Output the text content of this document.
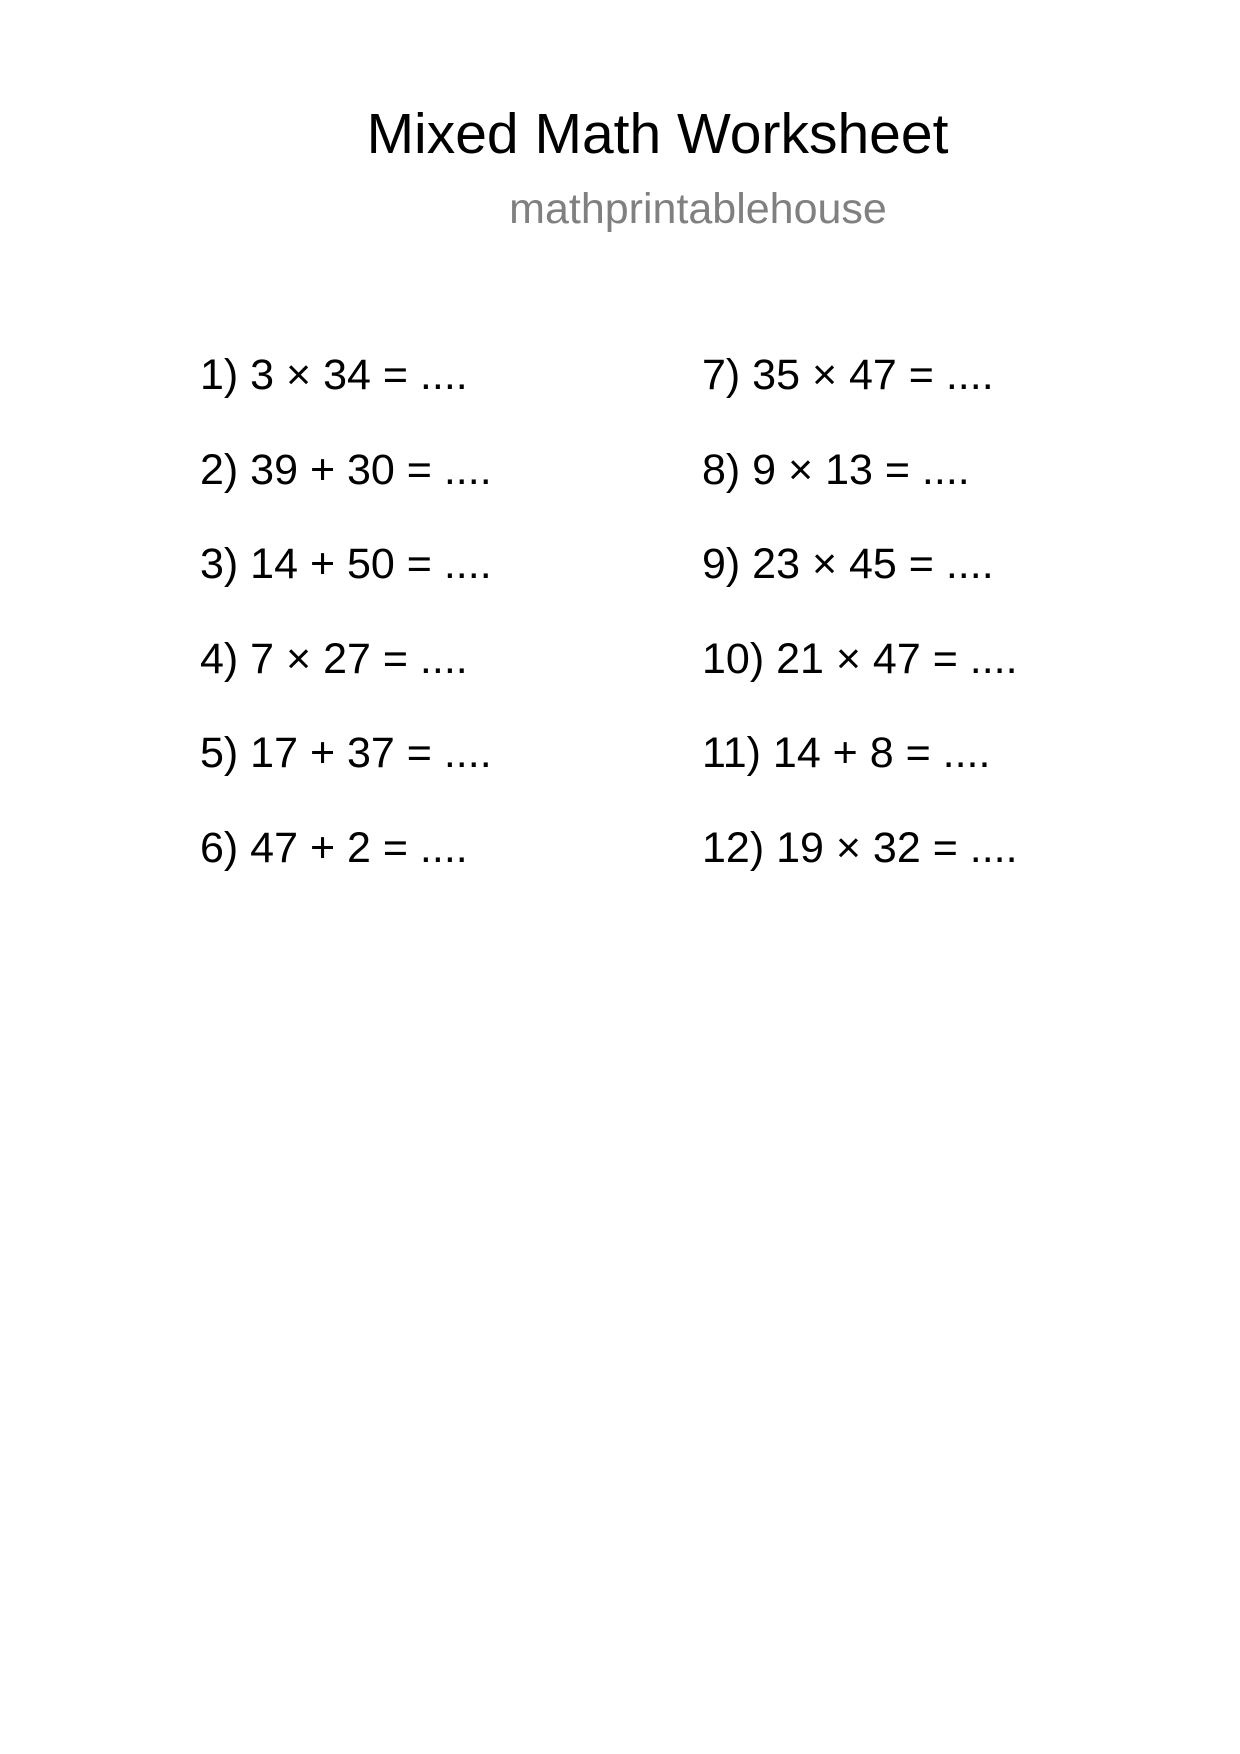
Mixed Math Worksheet
mathprintablehouse
1) 3 × 34 = ....
2) 39 + 30 = ....
3) 14 + 50 = ....
4) 7 × 27 = ....
5) 17 + 37 = ....
6) 47 + 2 = ....
7) 35 × 47 = ....
8) 9 × 13 = ....
9) 23 × 45 = ....
10) 21 × 47 = ....
11) 14 + 8 = ....
12) 19 × 32 = ....
